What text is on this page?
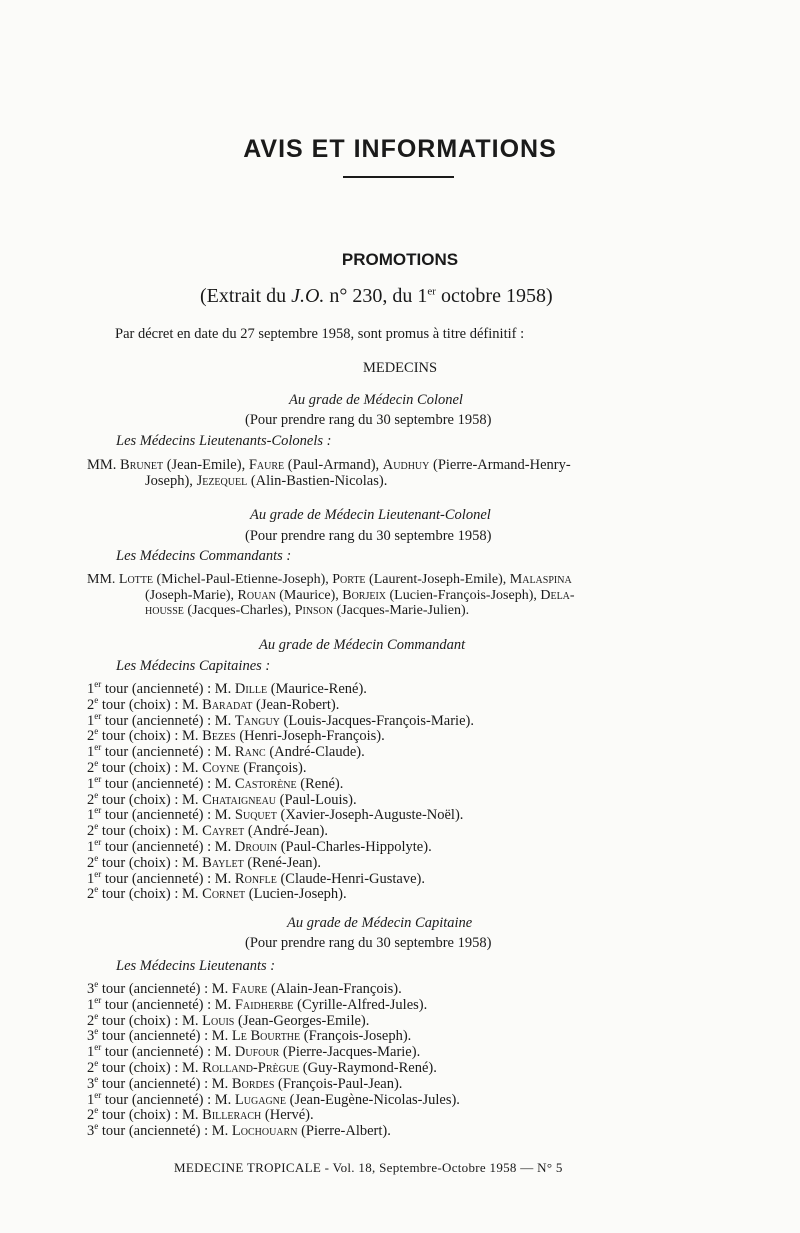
AVIS ET INFORMATIONS
PROMOTIONS
(Extrait du J.O. n° 230, du 1er octobre 1958)
Par décret en date du 27 septembre 1958, sont promus à titre définitif :
MEDECINS
Au grade de Médecin Colonel
(Pour prendre rang du 30 septembre 1958)
Les Médecins Lieutenants-Colonels :
MM. Brunet (Jean-Emile), Faure (Paul-Armand), Audhuy (Pierre-Armand-Henry-
Joseph), Jezequel (Alin-Bastien-Nicolas).
Au grade de Médecin Lieutenant-Colonel
(Pour prendre rang du 30 septembre 1958)
Les Médecins Commandants :
MM. Lotte (Michel-Paul-Etienne-Joseph), Porte (Laurent-Joseph-Emile), Malaspina
(Joseph-Marie), Rouan (Maurice), Borjeix (Lucien-François-Joseph), Dela-
housse (Jacques-Charles), Pinson (Jacques-Marie-Julien).
Au grade de Médecin Commandant
Les Médecins Capitaines :
1er tour (ancienneté) : M. Dille (Maurice-René).
2e tour (choix) : M. Baradat (Jean-Robert).
1er tour (ancienneté) : M. Tanguy (Louis-Jacques-François-Marie).
2e tour (choix) : M. Bezes (Henri-Joseph-François).
1er tour (ancienneté) : M. Ranc (André-Claude).
2e tour (choix) : M. Coyne (François).
1er tour (ancienneté) : M. Castorène (René).
2e tour (choix) : M. Chataigneau (Paul-Louis).
1er tour (ancienneté) : M. Suquet (Xavier-Joseph-Auguste-Noël).
2e tour (choix) : M. Cayret (André-Jean).
1er tour (ancienneté) : M. Drouin (Paul-Charles-Hippolyte).
2e tour (choix) : M. Baylet (René-Jean).
1er tour (ancienneté) : M. Ronfle (Claude-Henri-Gustave).
2e tour (choix) : M. Cornet (Lucien-Joseph).
Au grade de Médecin Capitaine
(Pour prendre rang du 30 septembre 1958)
Les Médecins Lieutenants :
3e tour (ancienneté) : M. Faure (Alain-Jean-François).
1er tour (ancienneté) : M. Faidherbe (Cyrille-Alfred-Jules).
2e tour (choix) : M. Louis (Jean-Georges-Emile).
3e tour (ancienneté) : M. Le Bourthe (François-Joseph).
1er tour (ancienneté) : M. Dufour (Pierre-Jacques-Marie).
2e tour (choix) : M. Rolland-Prègue (Guy-Raymond-René).
3e tour (ancienneté) : M. Bordes (François-Paul-Jean).
1er tour (ancienneté) : M. Lugagne (Jean-Eugène-Nicolas-Jules).
2e tour (choix) : M. Billerach (Hervé).
3e tour (ancienneté) : M. Lochouarn (Pierre-Albert).
MEDECINE TROPICALE - Vol. 18, Septembre-Octobre 1958 — N° 5
